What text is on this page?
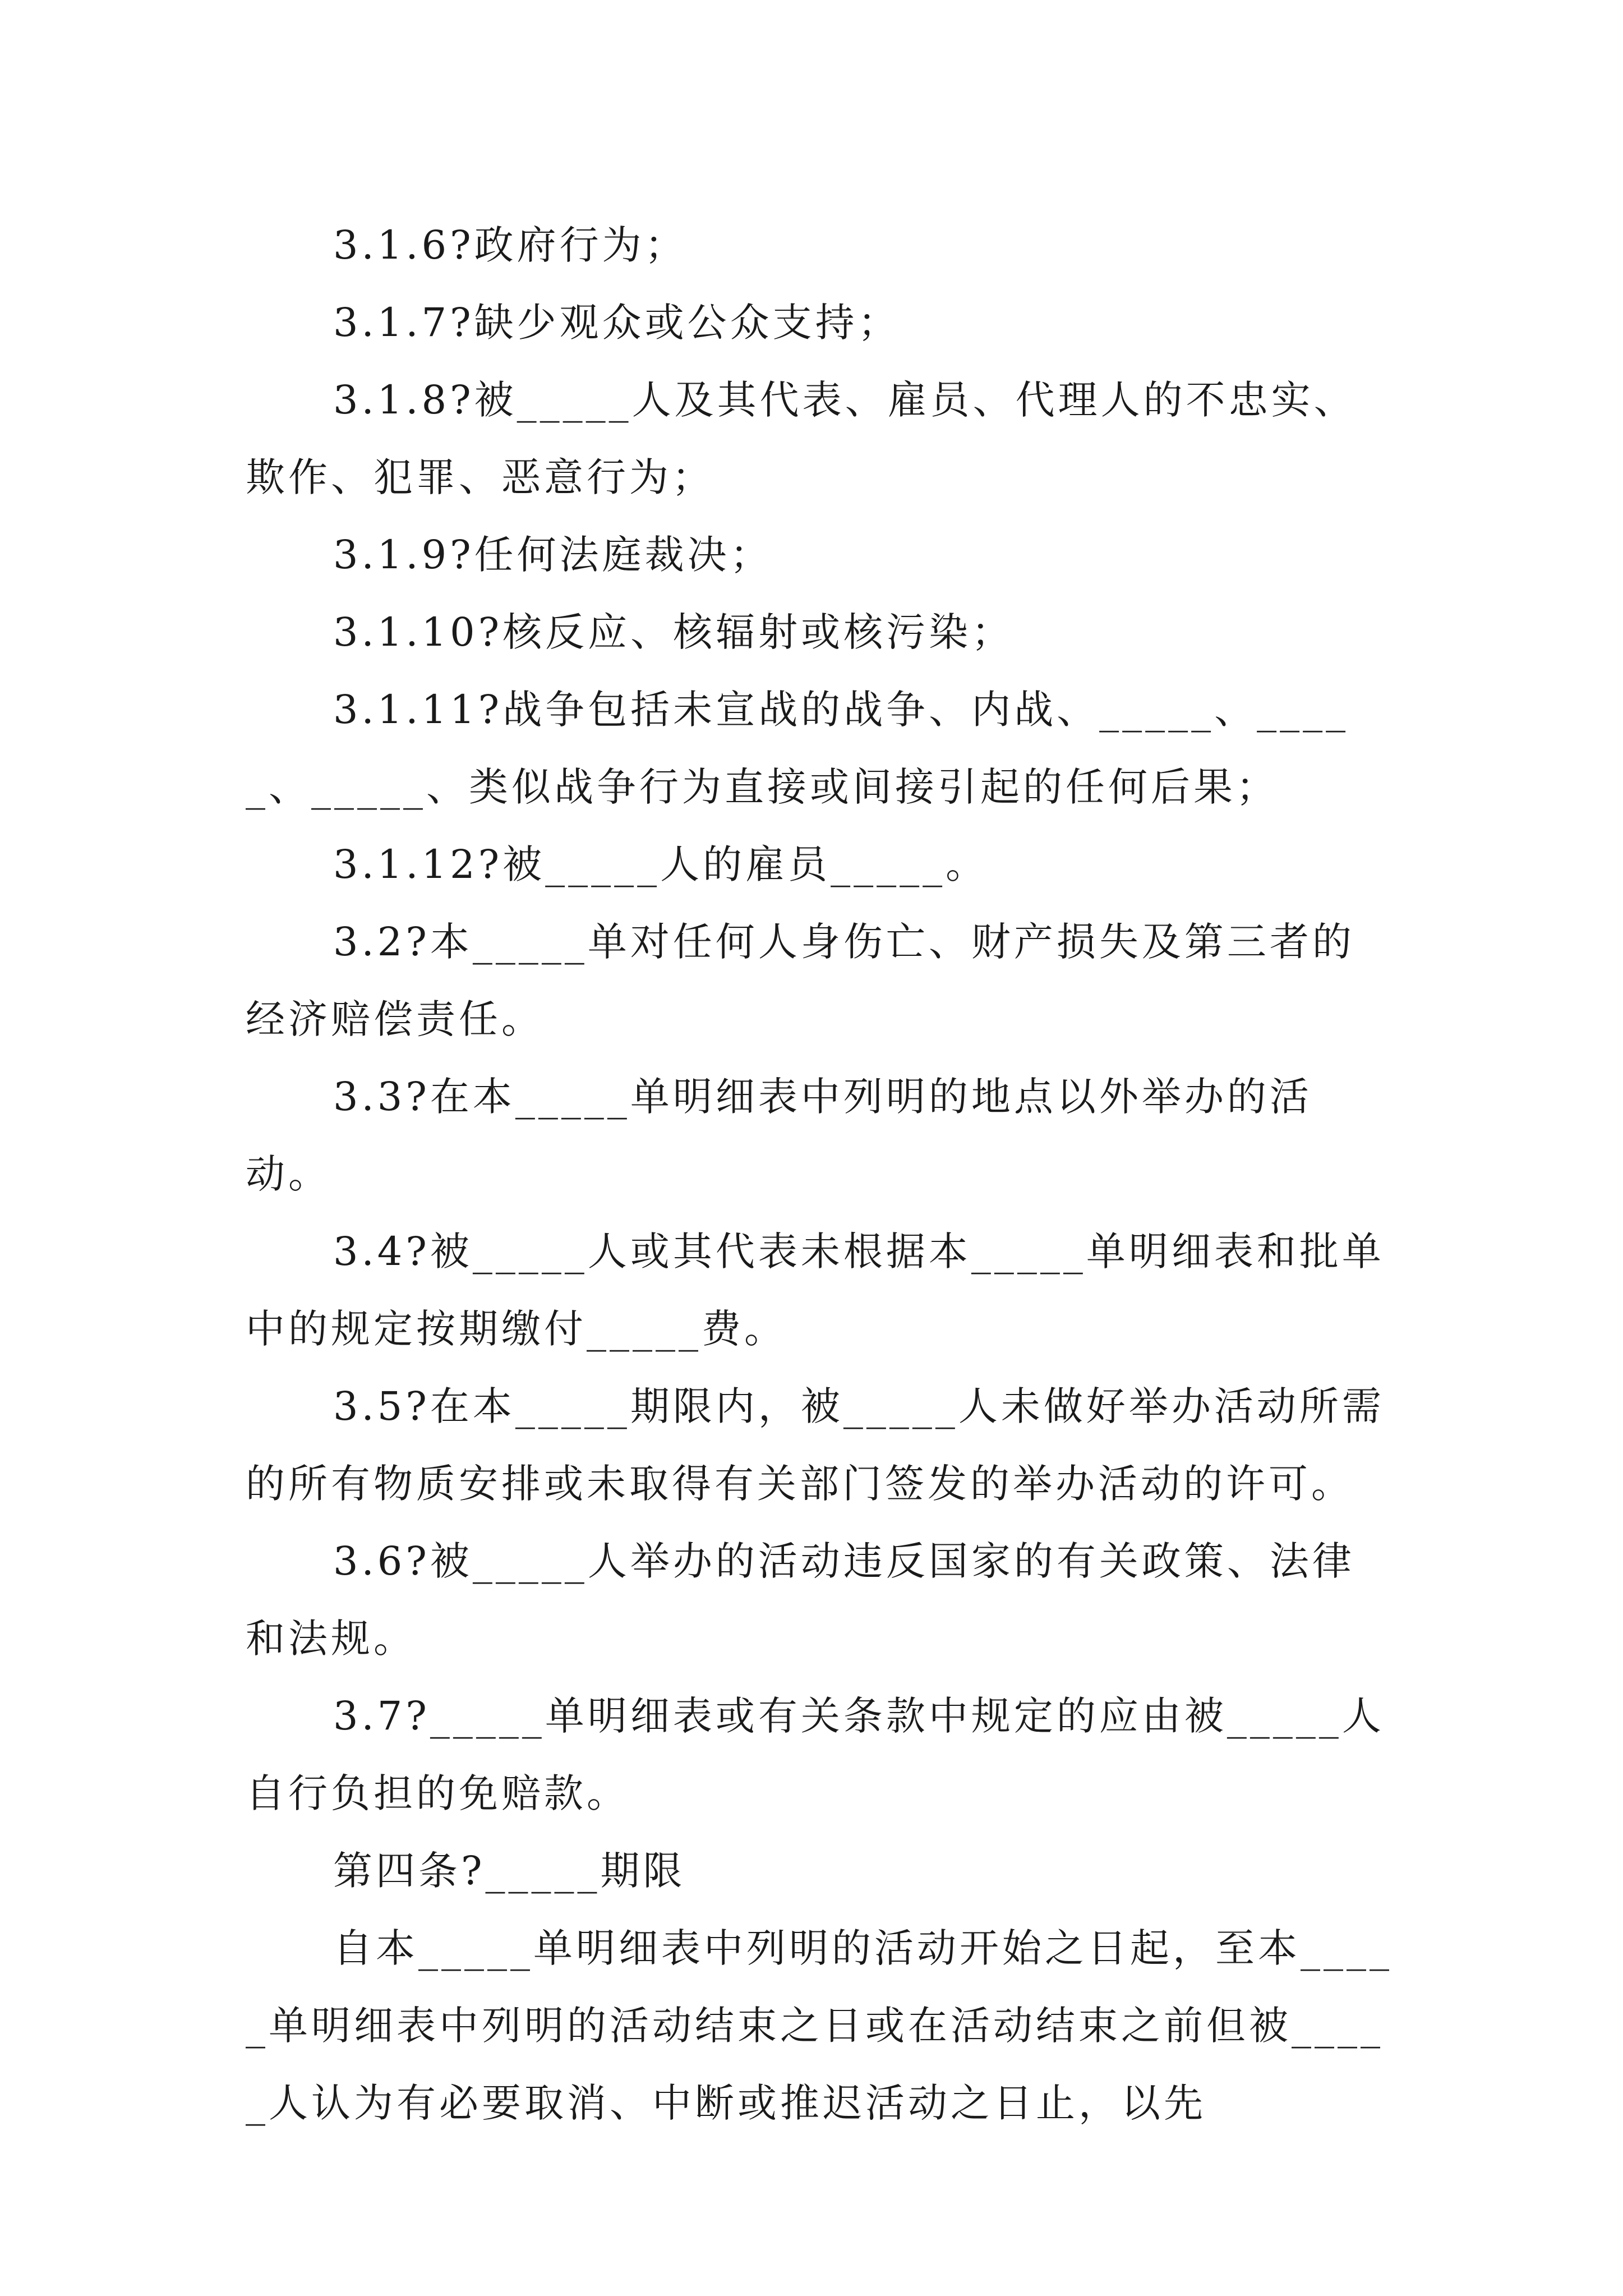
3.1.6?政府行为；

3.1.7?缺少观众或公众支持；

3.1.8?被_____人及其代表、雇员、代理人的不忠实、欺作、犯罪、恶意行为；

3.1.9?任何法庭裁决；

3.1.10?核反应、核辐射或核污染；

3.1.11?战争包括未宣战的战争、内战、_____、_____、_____、类似战争行为直接或间接引起的任何后果；

3.1.12?被_____人的雇员_____。

3.2?本_____单对任何人身伤亡、财产损失及第三者的经济赔偿责任。

3.3?在本_____单明细表中列明的地点以外举办的活动。

3.4?被_____人或其代表未根据本_____单明细表和批单中的规定按期缴付_____费。

3.5?在本_____期限内，被_____人未做好举办活动所需的所有物质安排或未取得有关部门签发的举办活动的许可。

3.6?被_____人举办的活动违反国家的有关政策、法律和法规。

3.7?_____单明细表或有关条款中规定的应由被_____人自行负担的免赔款。

第四条?_____期限

自本_____单明细表中列明的活动开始之日起，至本_____单明细表中列明的活动结束之日或在活动结束之前但被_____人认为有必要取消、中断或推迟活动之日止，以先
